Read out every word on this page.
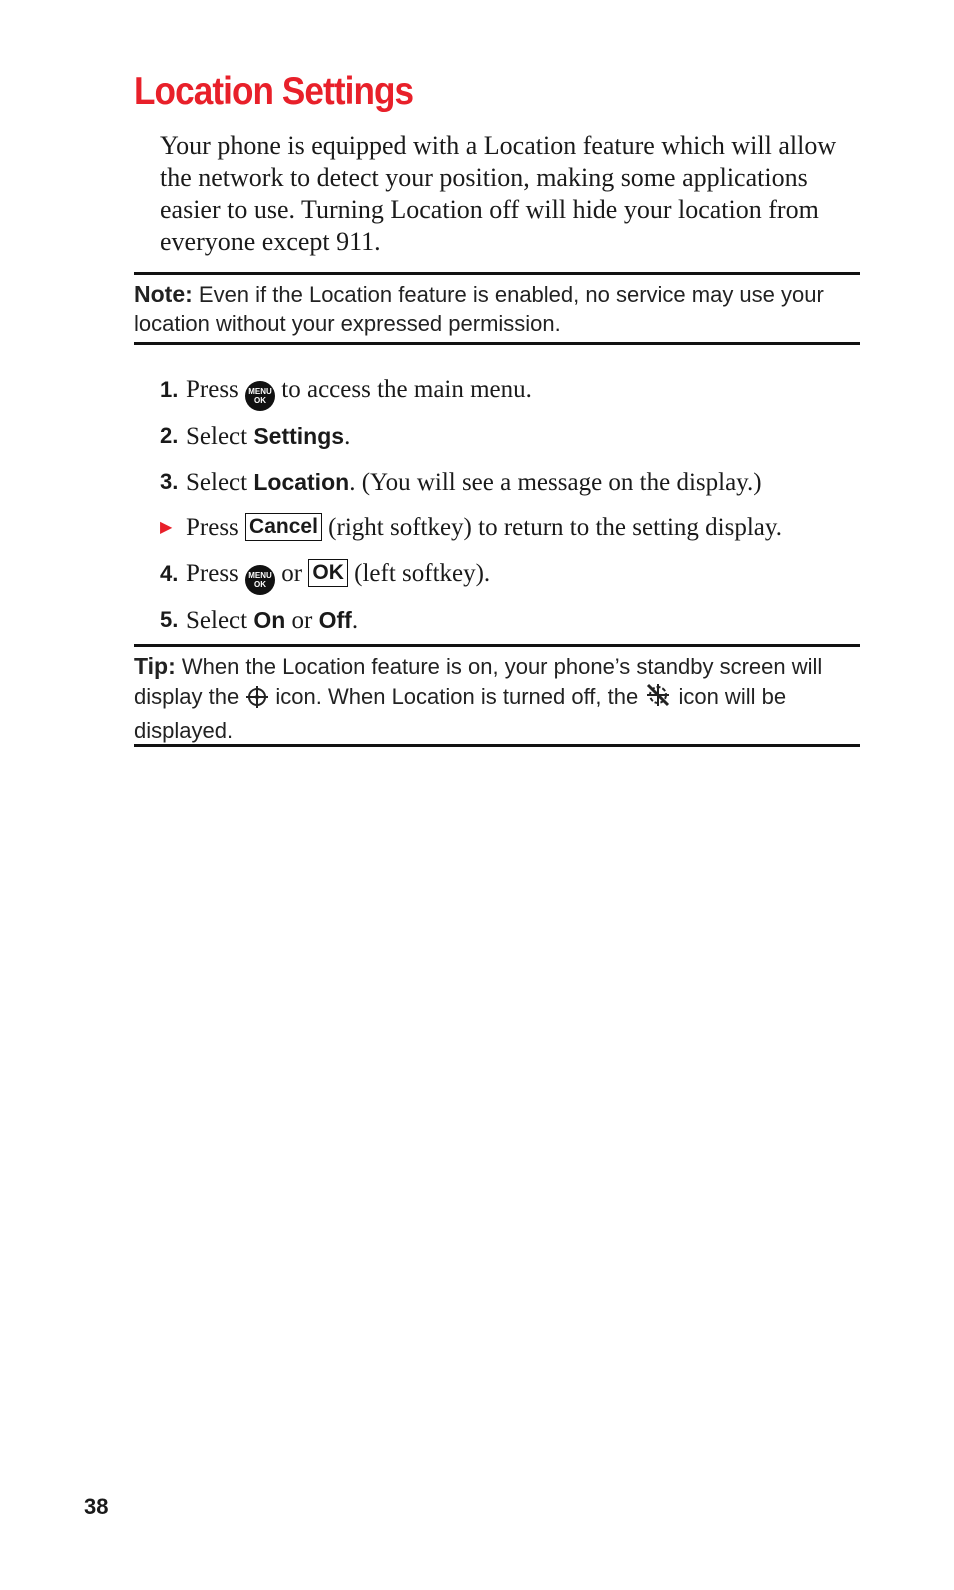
Location Settings

Your phone is equipped with a Location feature which will allow the network to detect your position, making some applications easier to use. Turning Location off will hide your location from everyone except 911.

Note: Even if the Location feature is enabled, no service may use your location without your expressed permission.
1. Press MENU
OK to access the main menu.
2. Select Settings.
3. Select Location. (You will see a message on the display.)
▶ Press Cancel (right softkey) to return to the setting display.
4. Press MENU
OK or OK (left softkey).
5. Select On or Off.
Tip: When the Location feature is on, your phone’s standby screen will display the  icon. When Location is turned off, the  icon will be displayed.
38
